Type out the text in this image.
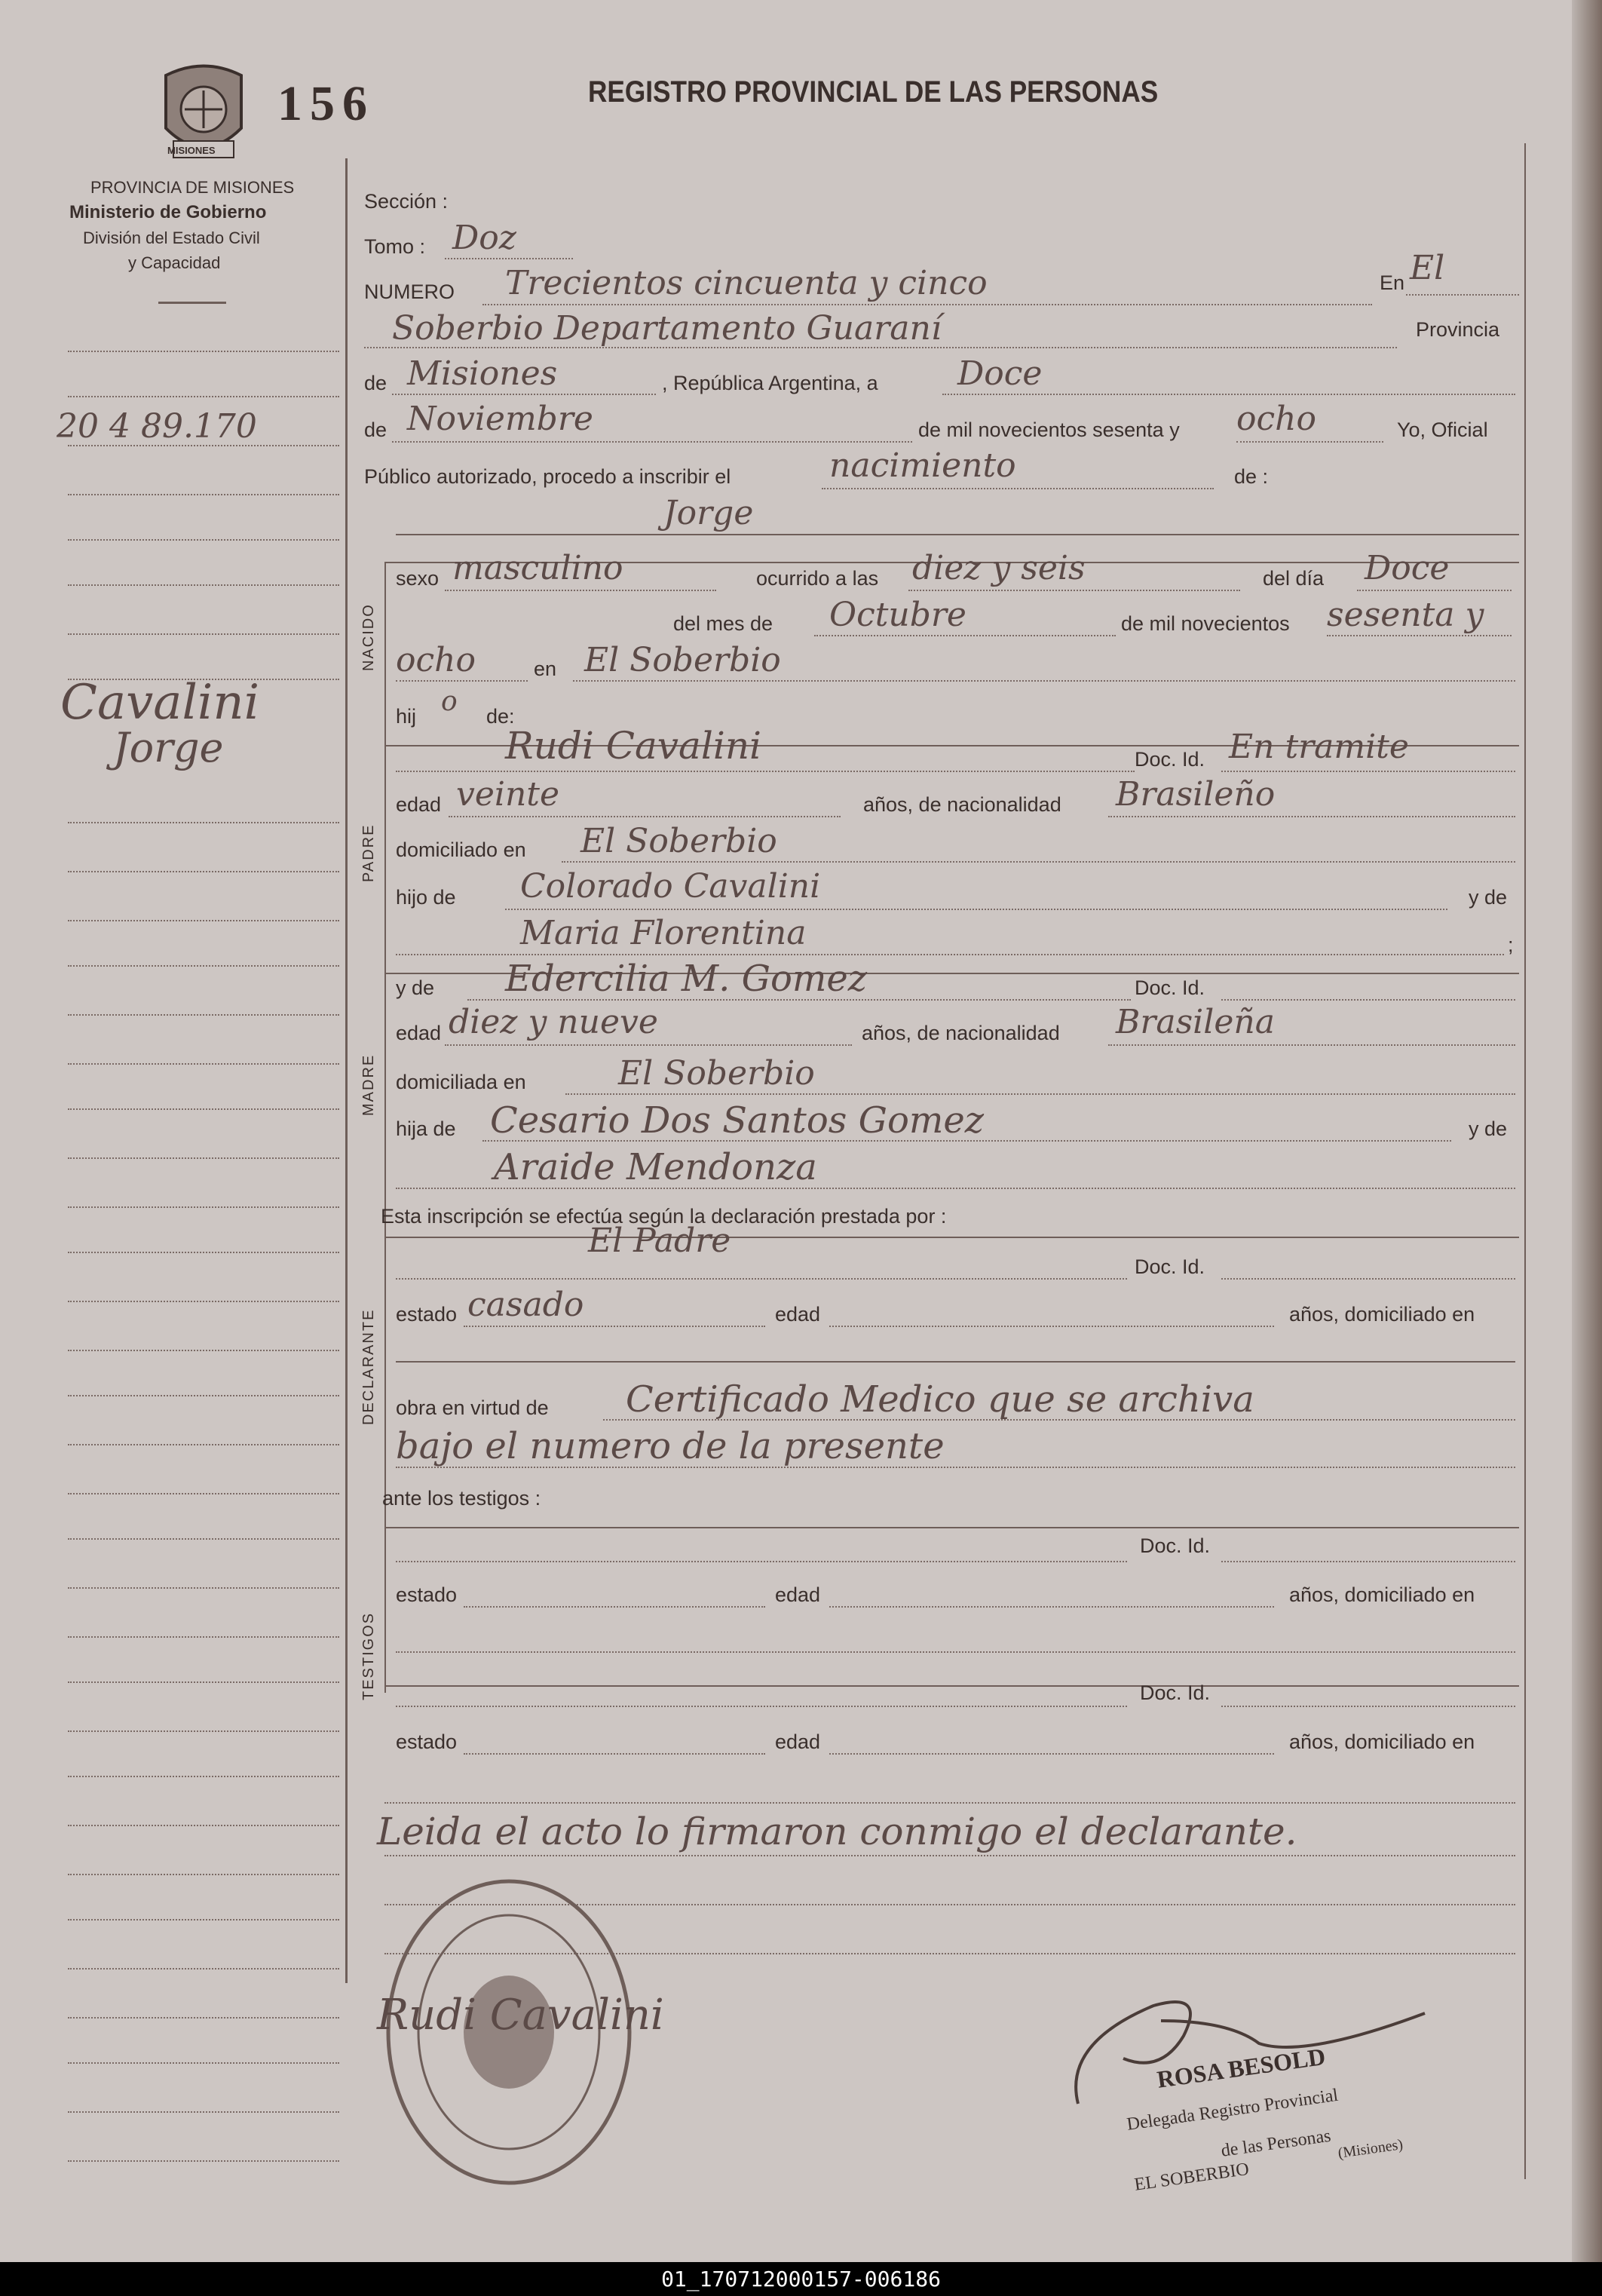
MISIONES
156	REGISTRO PROVINCIAL DE LAS PERSONAS
PROVINCIA DE MISIONES
Ministerio de Gobierno
División del Estado Civil
y Capacidad
20 4 89.170
Cavalini
Jorge
Sección :
Tomo : Doz
NUMERO Trecientos cincuenta y cinco	En El
Soberbio Departamento Guaraní	Provincia
de Misiones	, República Argentina, a Doce
de Noviembre	de mil novecientos sesenta y ocho	Yo, Oficial
Público autorizado, procedo a inscribir el	nacimiento	de :
Jorge
NACIDO
sexo masculino	ocurrido a las diez y seis	del día Doce
del mes de Octubre	de mil novecientos sesenta y
ocho	en El Soberbio
hij o de:
PADRE
Rudi Cavalini	Doc. Id. En tramite
edad veinte	años, de nacionalidad Brasileño
domiciliado en El Soberbio
hijo de Colorado Cavalini	y de
Maria Florentina	;
MADRE
y de Edercilia M. Gomez	Doc. Id.
edad diez y nueve	años, de nacionalidad Brasileña
domiciliada en	El Soberbio
hija de Cesario Dos Santos Gomez	y de
Araide Mendonza
Esta inscripción se efectúa según la declaración prestada por :
DECLARANTE
El Padre
Doc. Id.
estado casado	edad	años, domiciliado en
obra en virtud de Certificado Medico que se archiva
bajo el numero de la presente
ante los testigos :
TESTIGOS
Doc. Id.
estado	edad	años, domiciliado en
Doc. Id.
estado	edad	años, domiciliado en
Leida el acto lo firmaron conmigo el declarante.
Rudi Cavalini
ROSA BESOLD
Delegada Registro Provincial
de las Personas
EL SOBERBIO
(Misiones)
01_170712000157-006186
